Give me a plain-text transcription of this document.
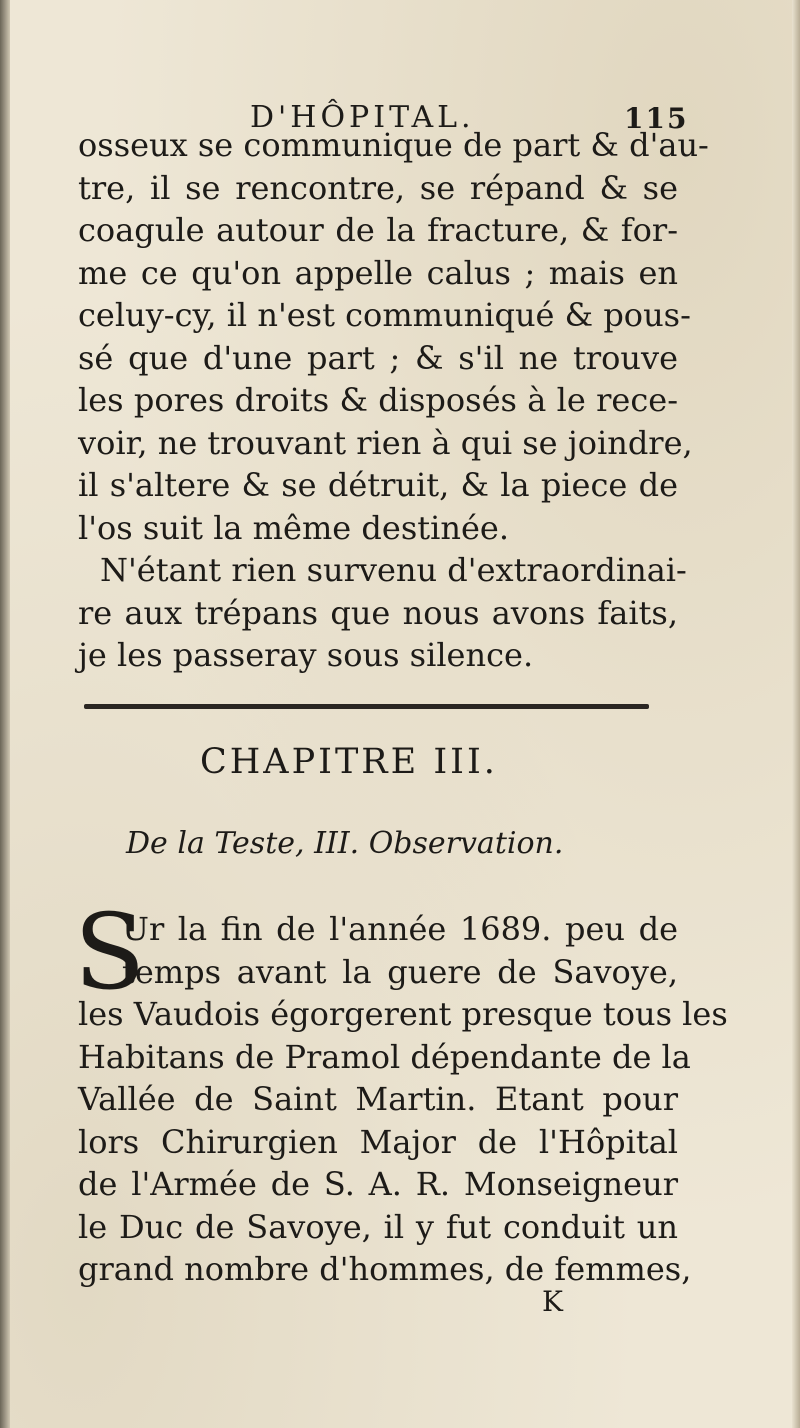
D'HÔPITAL.	115
osseux se communique de part & d'au-
tre, il se rencontre, se répand & se
coagule autour de la fracture, & for-
me ce qu'on appelle calus ; mais en
celuy-cy, il n'est communiqué & pous-
sé que d'une part ; & s'il ne trouve
les pores droits & disposés à le rece-
voir, ne trouvant rien à qui se joindre,
il s'altere & se détruit, & la piece de
l'os suit la même destinée.
N'étant rien survenu d'extraordinai-
re aux trépans que nous avons faits,
je les passeray sous silence.
CHAPITRE III.
De la Teste, III. Observation.
S
Ur la fin de l'année 1689. peu de
temps avant la guere de Savoye,
les Vaudois égorgerent presque tous les
Habitans de Pramol dépendante de la
Vallée de Saint Martin. Etant pour
lors Chirurgien Major de l'Hôpital
de l'Armée de S. A. R. Monseigneur
le Duc de Savoye, il y fut conduit un
grand nombre d'hommes, de femmes,
K
